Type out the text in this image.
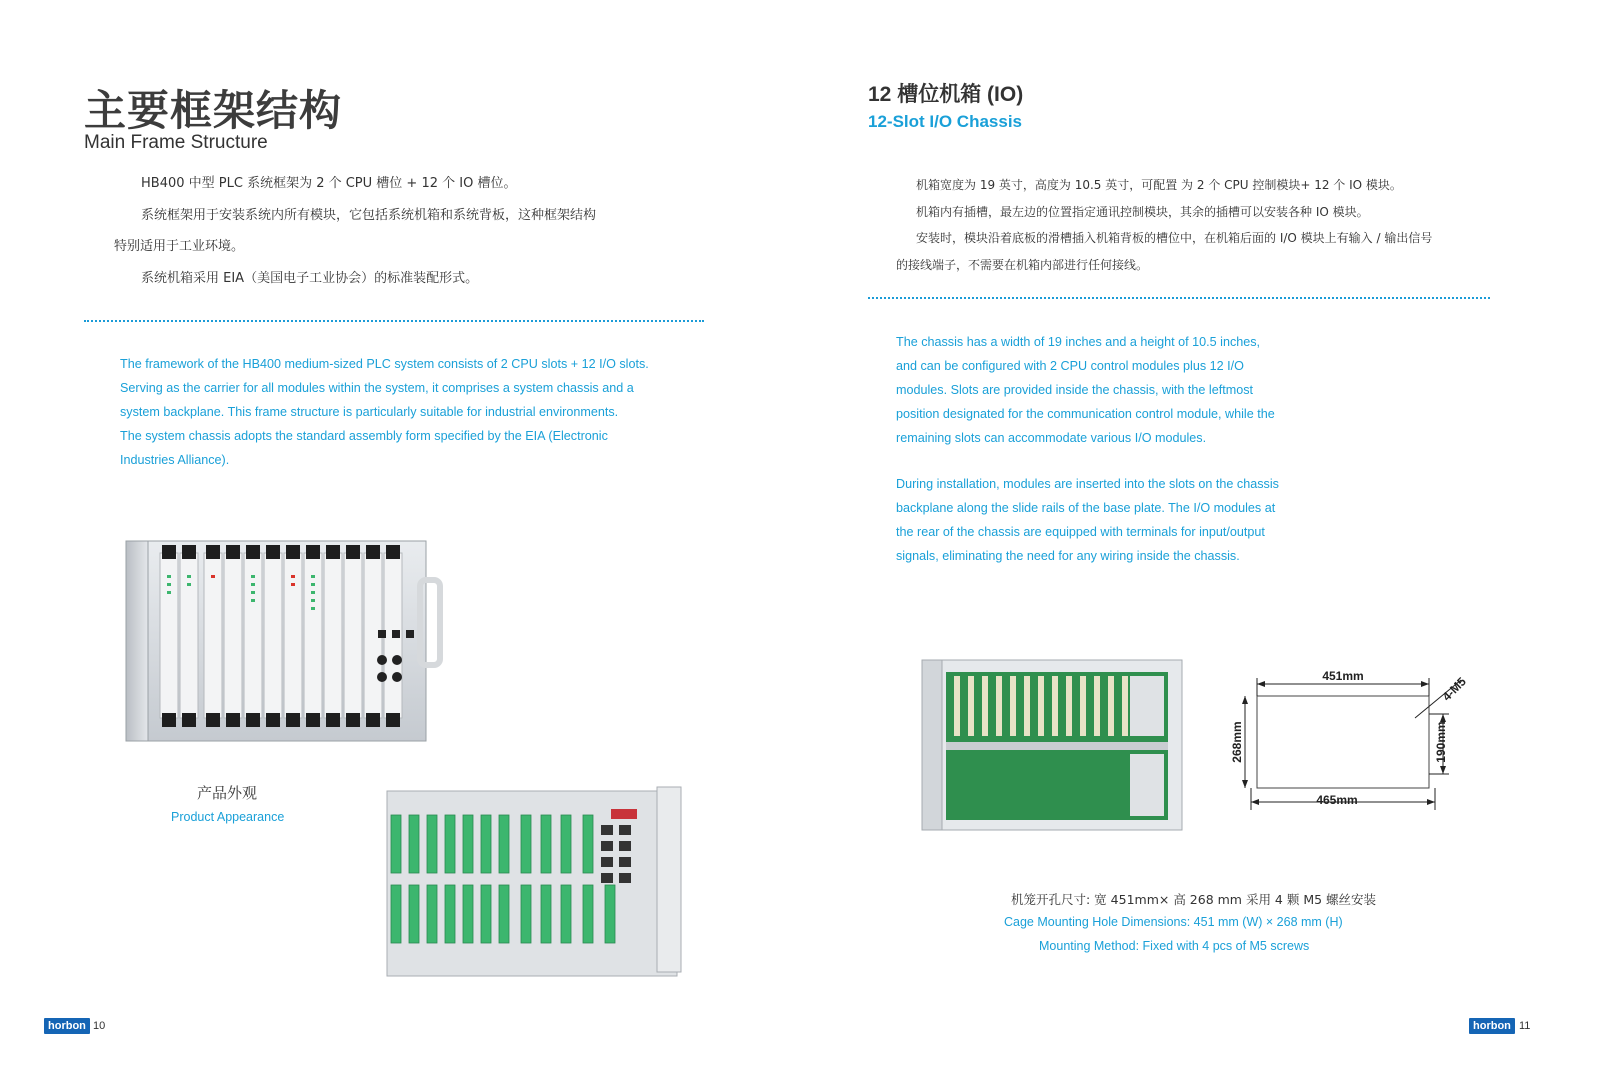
主要框架结构
Main Frame Structure
HB400 中型 PLC 系统框架为 2 个 CPU 槽位 + 12 个 IO 槽位。
系统框架用于安装系统内所有模块，它包括系统机箱和系统背板，这种框架结构
特别适用于工业环境。
系统机箱采用 EIA（美国电子工业协会）的标准装配形式。

The framework of the HB400 medium-sized PLC system consists of 2 CPU slots + 12 I/O slots.

Serving as the carrier for all modules within the system, it comprises a system chassis and a

system backplane. This frame structure is particularly suitable for industrial environments.

The system chassis adopts the standard assembly form specified by the EIA (Electronic

Industries Alliance).

产品外观
Product Appearance
horbon 10
12 槽位机箱 (IO)
12-Slot I/O Chassis
机箱宽度为 19 英寸，高度为 10.5 英寸，可配置 为 2 个 CPU 控制模块+ 12 个 IO 模块。
机箱内有插槽，最左边的位置指定通讯控制模块，其余的插槽可以安装各种 IO 模块。
安装时，模块沿着底板的滑槽插入机箱背板的槽位中，在机箱后面的 I/O 模块上有输入 / 输出信号
的接线端子，不需要在机箱内部进行任何接线。

The chassis has a width of 19 inches and a height of 10.5 inches,

and can be configured with 2 CPU control modules plus 12 I/O

modules. Slots are provided inside the chassis, with the leftmost

position designated for the communication control module, while the

remaining slots can accommodate various I/O modules.

During installation, modules are inserted into the slots on the chassis

backplane along the slide rails of the base plate. The I/O modules at

the rear of the chassis are equipped with terminals for input/output

signals, eliminating the need for any wiring inside the chassis.

451mm
465mm
268mm	190mm
4-M5
机笼开孔尺寸: 宽 451mm× 高 268 mm 采用 4 颗 M5 螺丝安装
Cage Mounting Hole Dimensions: 451 mm (W) × 268 mm (H)
Mounting Method: Fixed with 4 pcs of M5 screws
horbon 11
